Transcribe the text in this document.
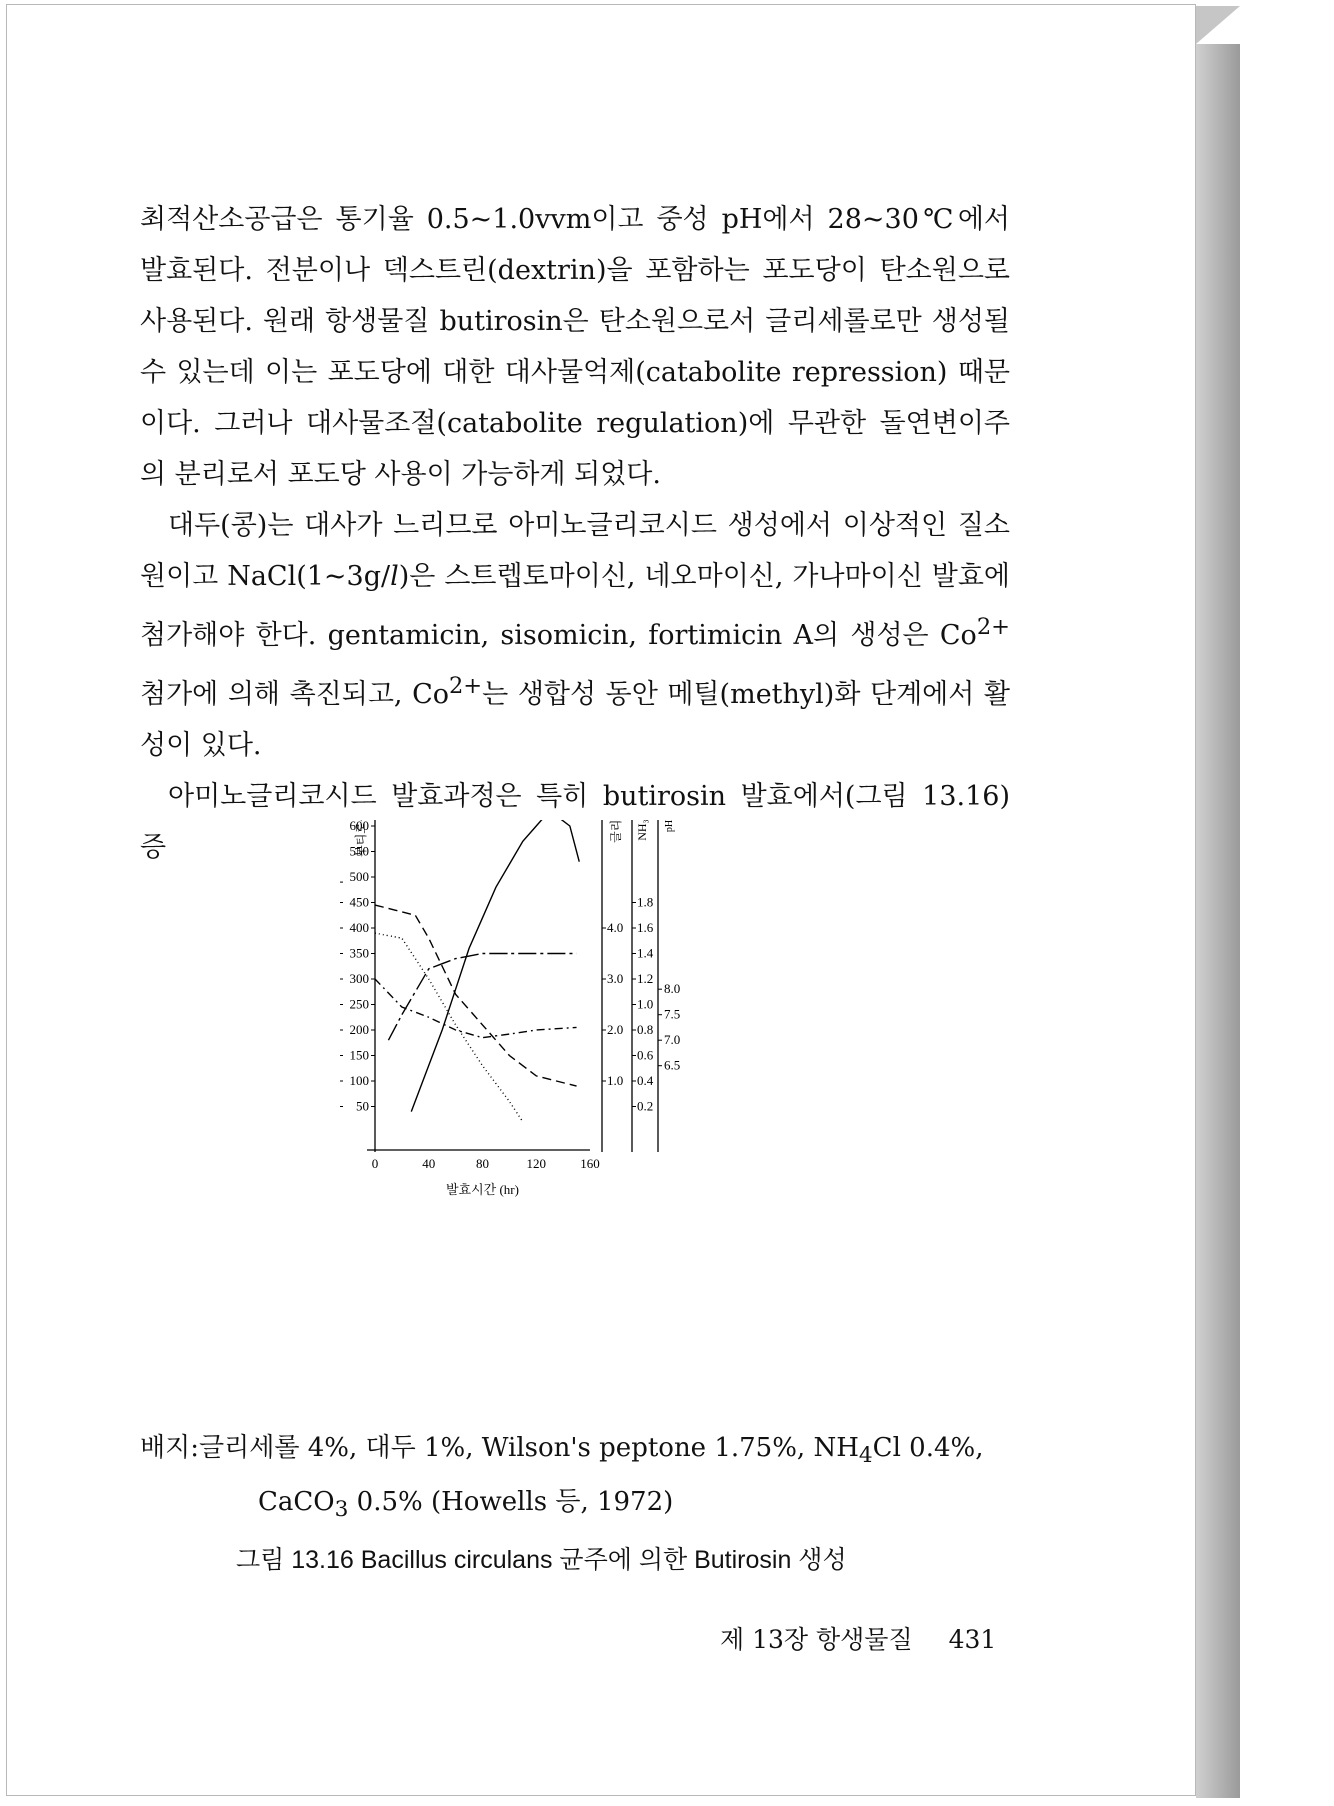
최적산소공급은 통기율 0.5~1.0vvm이고 중성 pH에서 28~30℃에서 발효된다. 전분이나 덱스트린(dextrin)을 포함하는 포도당이 탄소원으로 사용된다. 원래 항생물질 butirosin은 탄소원으로서 글리세롤로만 생성될 수 있는데 이는 포도당에 대한 대사물억제(catabolite repression) 때문이다. 그러나 대사물조절(catabolite regulation)에 무관한 돌연변이주의 분리로서 포도당 사용이 가능하게 되었다.

대두(콩)는 대사가 느리므로 아미노글리코시드 생성에서 이상적인 질소원이고 NaCl(1~3g/l)은 스트렙토마이신, 네오마이신, 가나마이신 발효에 첨가해야 한다. gentamicin, sisomicin, fortimicin A의 생성은 $Co^{2+}$ 첨가에 의해 촉진되고, $Co^{2+}$는 생합성 동안 메틸(methyl)화 단계에서 활성이 있다.

아미노글리코시드 발효과정은 특히 butirosin 발효에서(그림 13.16) 증

50
100
150
200
250
300
350
400
450
500
550
600
0	40	80	120	160
발효시간 (hr)
1.0
2.0
3.0
4.0
0.2
0.4
0.6
0.8
1.0
1.2
1.4
1.6
1.8
6.5
7.0
7.5
8.0
pH
배지:글리세롤 4%, 대두 1%, Wilson's peptone 1.75%, $NH_4Cl$ 0.4%,
CaCO$_3$ 0.5% (Howells 등, 1972)
그림 13.16 Bacillus circulans 균주에 의한 Butirosin 생성
제 13장 항생물질 431
